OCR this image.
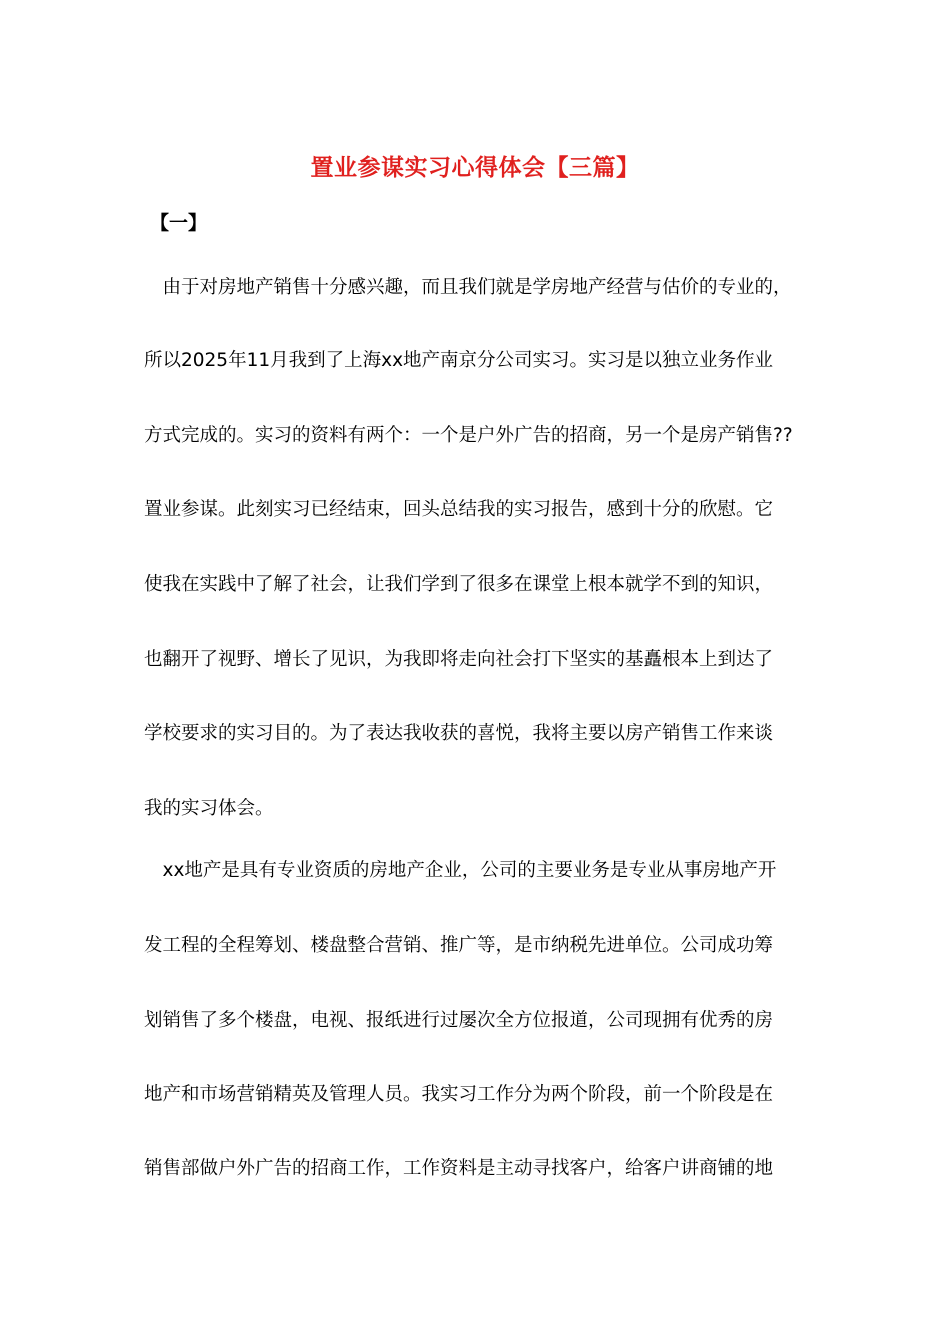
置业参谋实习心得体会【三篇】
【一】
　由于对房地产销售十分感兴趣，而且我们就是学房地产经营与估价的专业的，
所以2025年11月我到了上海xx地产南京分公司实习。实习是以独立业务作业
方式完成的。实习的资料有两个：一个是户外广告的招商，另一个是房产销售??
置业参谋。此刻实习已经结束，回头总结我的实习报告，感到十分的欣慰。它
使我在实践中了解了社会，让我们学到了很多在课堂上根本就学不到的知识，
也翻开了视野、增长了见识，为我即将走向社会打下坚实的基矗根本上到达了
学校要求的实习目的。为了表达我收获的喜悦，我将主要以房产销售工作来谈
我的实习体会。
　xx地产是具有专业资质的房地产企业，公司的主要业务是专业从事房地产开
发工程的全程筹划、楼盘整合营销、推广等，是市纳税先进单位。公司成功筹
划销售了多个楼盘，电视、报纸进行过屡次全方位报道，公司现拥有优秀的房
地产和市场营销精英及管理人员。我实习工作分为两个阶段，前一个阶段是在
销售部做户外广告的招商工作，工作资料是主动寻找客户，给客户讲商铺的地
